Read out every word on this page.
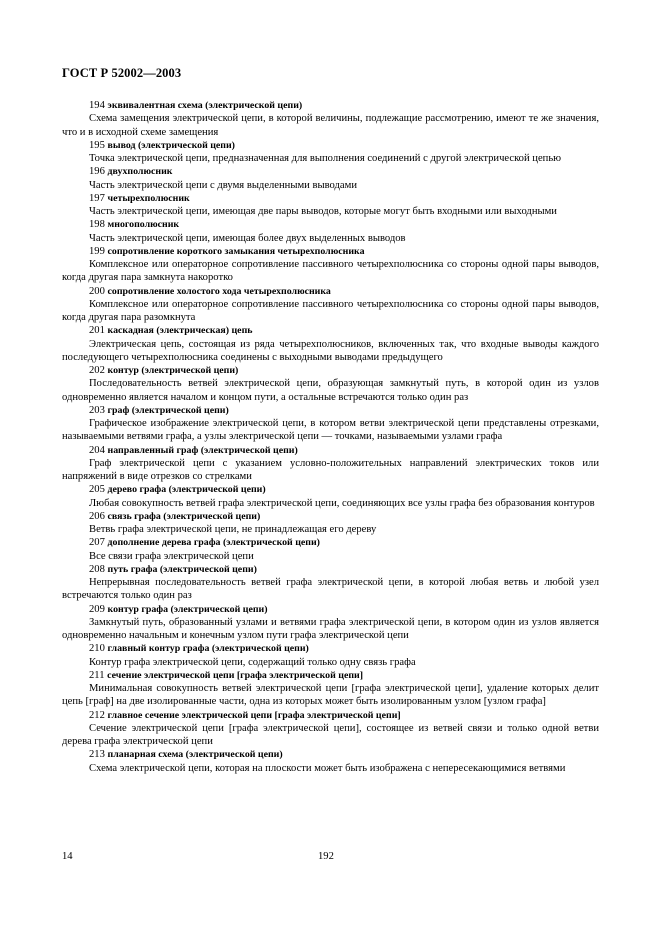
ГОСТ Р 52002—2003

194 эквивалентная схема (электрической цепи)

Схема замещения электрической цепи, в которой величины, подлежащие рассмотрению, имеют те же значения, что и в исходной схеме замещения

195 вывод (электрической цепи)

Точка электрической цепи, предназначенная для выполнения соединений с другой электрической цепью

196 двухполюсник

Часть электрической цепи с двумя выделенными выводами

197 четырехполюсник

Часть электрической цепи, имеющая две пары выводов, которые могут быть входными или выходными

198 многополюсник

Часть электрической цепи, имеющая более двух выделенных выводов

199 сопротивление короткого замыкания четырехполюсника

Комплексное или операторное сопротивление пассивного четырехполюсника со стороны одной пары выводов, когда другая пара замкнута накоротко

200 сопротивление холостого хода четырехполюсника

Комплексное или операторное сопротивление пассивного четырехполюсника со стороны одной пары выводов, когда другая пара разомкнута

201 каскадная (электрическая) цепь

Электрическая цепь, состоящая из ряда четырехполюсников, включенных так, что входные выводы каждого последующего четырехполюсника соединены с выходными выводами предыдущего

202 контур (электрической цепи)

Последовательность ветвей электрической цепи, образующая замкнутый путь, в которой один из узлов одновременно является началом и концом пути, а остальные встречаются только один раз

203 граф (электрической цепи)

Графическое изображение электрической цепи, в котором ветви электрической цепи представлены отрезками, называемыми ветвями графа, а узлы электрической цепи — точками, называемыми узлами графа

204 направленный граф (электрической цепи)

Граф электрической цепи с указанием условно-положительных направлений электрических токов или напряжений в виде отрезков со стрелками

205 дерево графа (электрической цепи)

Любая совокупность ветвей графа электрической цепи, соединяющих все узлы графа без образования контуров

206 связь графа (электрической цепи)

Ветвь графа электрической цепи, не принадлежащая его дереву

207 дополнение дерева графа (электрической цепи)

Все связи графа электрической цепи

208 путь графа (электрической цепи)

Непрерывная последовательность ветвей графа электрической цепи, в которой любая ветвь и любой узел встречаются только один раз

209 контур графа (электрической цепи)

Замкнутый путь, образованный узлами и ветвями графа электрической цепи, в котором один из узлов является одновременно начальным и конечным узлом пути графа электрической цепи

210 главный контур графа (электрической цепи)

Контур графа электрической цепи, содержащий только одну связь графа

211 сечение электрической цепи [графа электрической цепи]

Минимальная совокупность ветвей электрической цепи [графа электрической цепи], удаление которых делит цепь [граф] на две изолированные части, одна из которых может быть изолированным узлом [узлом графа]

212 главное сечение электрической цепи [графа электрической цепи]

Сечение электрической цепи [графа электрической цепи], состоящее из ветвей связи и только одной ветви дерева графа электрической цепи

213 планарная схема (электрической цепи)

Схема электрической цепи, которая на плоскости может быть изображена с непересекающимися ветвями

14	192
